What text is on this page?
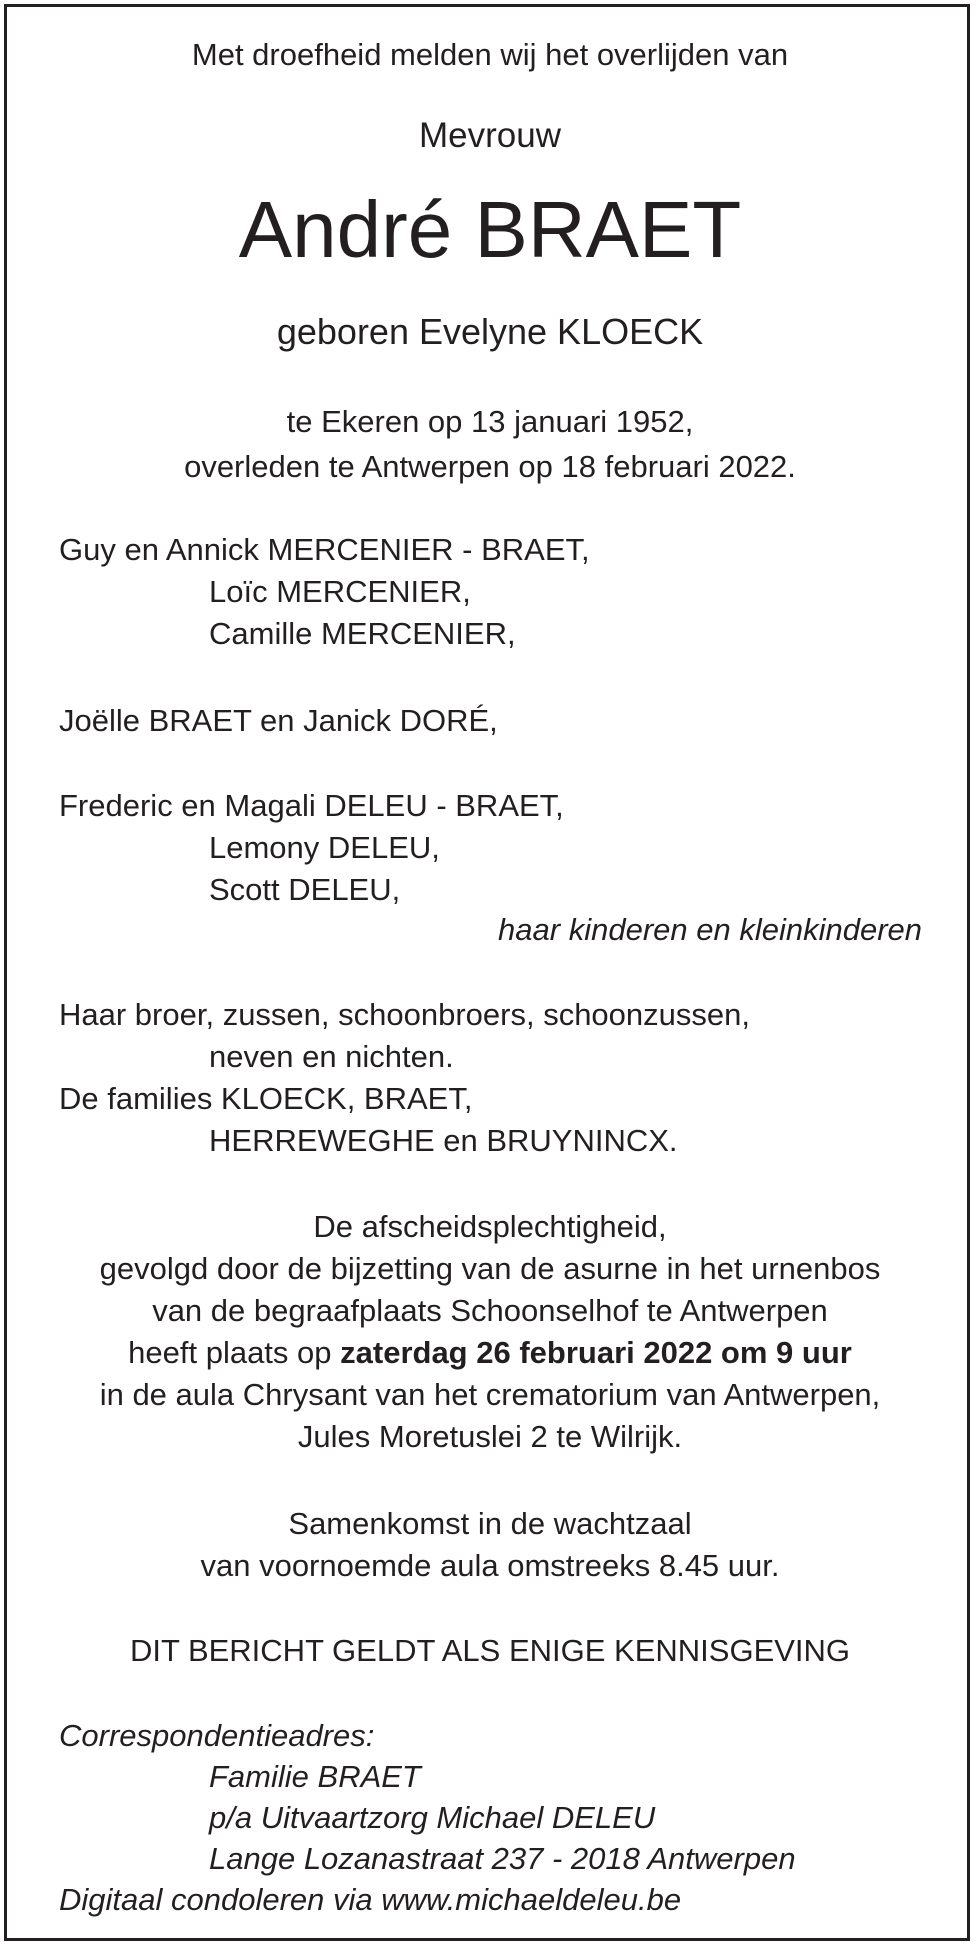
Met droefheid melden wij het overlijden van
Mevrouw
André BRAET
geboren Evelyne KLOECK
te Ekeren op 13 januari 1952,
overleden te Antwerpen op 18 februari 2022.
Guy en Annick MERCENIER - BRAET,
Loïc MERCENIER,
Camille MERCENIER,
Joëlle BRAET en Janick DORÉ,
Frederic en Magali DELEU - BRAET,
Lemony DELEU,
Scott DELEU,
haar kinderen en kleinkinderen
Haar broer, zussen, schoonbroers, schoonzussen,
neven en nichten.
De families KLOECK, BRAET,
HERREWEGHE en BRUYNINCX.
De afscheidsplechtigheid,
gevolgd door de bijzetting van de asurne in het urnenbos
van de begraafplaats Schoonselhof te Antwerpen
heeft plaats op zaterdag 26 februari 2022 om 9 uur
in de aula Chrysant van het crematorium van Antwerpen,
Jules Moretuslei 2 te Wilrijk.
Samenkomst in de wachtzaal
van voornoemde aula omstreeks 8.45 uur.
DIT BERICHT GELDT ALS ENIGE KENNISGEVING
Correspondentieadres:
Familie BRAET
p/a Uitvaartzorg Michael DELEU
Lange Lozanastraat 237 - 2018 Antwerpen
Digitaal condoleren via www.michaeldeleu.be
